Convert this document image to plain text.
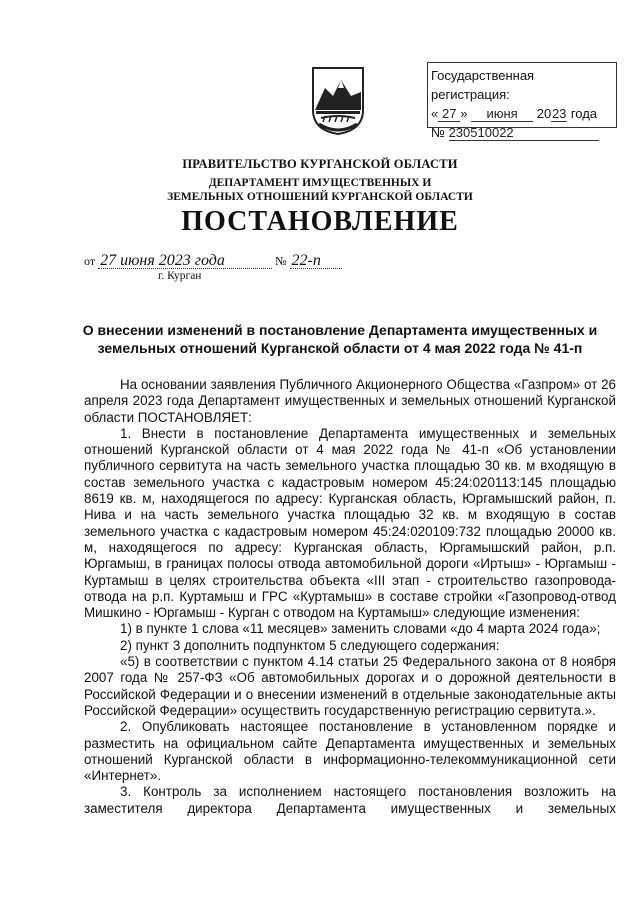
Государственная регистрация:
« 27 » июня 2023 года
№ 230510022
ПРАВИТЕЛЬСТВО КУРГАНСКОЙ ОБЛАСТИ
ДЕПАРТАМЕНТ ИМУЩЕСТВЕННЫХ И
ЗЕМЕЛЬНЫХ ОТНОШЕНИЙ КУРГАНСКОЙ ОБЛАСТИ
ПОСТАНОВЛЕНИЕ
от 27 июня 2023 года	№ 22-п
г. Курган
О внесении изменений в постановление Департамента имущественных и
земельных отношений Курганской области от 4 мая 2022 года № 41-п

На основании заявления Публичного Акционерного Общества «Газпром» от 26 апреля 2023 года Департамент имущественных и земельных отношений Курганской области ПОСТАНОВЛЯЕТ:

1. Внести в постановление Департамента имущественных и земельных отношений Курганской области от 4 мая 2022 года № 41-п «Об установлении публичного сервитута на часть земельного участка площадью 30 кв. м входящую в состав земельного участка с кадастровым номером 45:24:020113:145 площадью 8619 кв. м, находящегося по адресу: Курганская область, Юргамышский район, п. Нива и на часть земельного участка площадью 32 кв. м входящую в состав земельного участка с кадастровым номером 45:24:020109:732 площадью 20000 кв. м, находящегося по адресу: Курганская область, Юргамышский район, р.п. Юргамыш, в границах полосы отвода автомобильной дороги «Иртыш» - Юргамыш - Куртамыш в целях строительства объекта «III этап - строительство газопровода-отвода на р.п. Куртамыш и ГРС «Куртамыш» в составе стройки «Газопровод-отвод Мишкино - Юргамыш - Курган с отводом на Куртамыш» следующие изменения:

1) в пункте 1 слова «11 месяцев» заменить словами «до 4 марта 2024 года»;

2) пункт 3 дополнить подпунктом 5 следующего содержания:

«5) в соответствии с пунктом 4.14 статьи 25 Федерального закона от 8 ноября 2007 года № 257-ФЗ «Об автомобильных дорогах и о дорожной деятельности в Российской Федерации и о внесении изменений в отдельные законодательные акты Российской Федерации» осуществить государственную регистрацию сервитута.».

2. Опубликовать настоящее постановление в установленном порядке и разместить на официальном сайте Департамента имущественных и земельных отношений Курганской области в информационно-телекоммуникационной сети «Интернет».

3. Контроль за исполнением настоящего постановления возложить на заместителя директора Департамента имущественных и земельных
